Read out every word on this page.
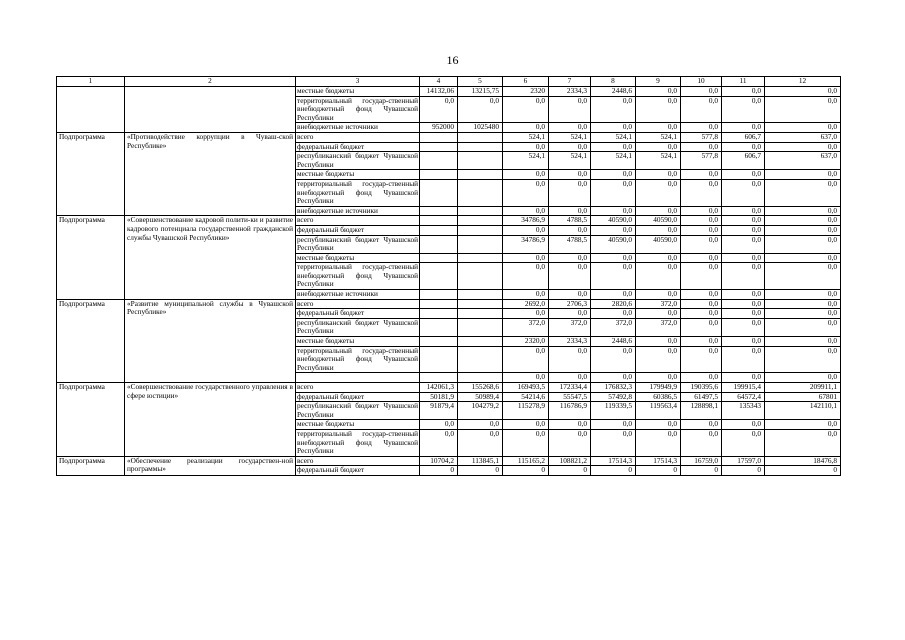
16
1	2	3	4	5	6	7	8	9	10	11	12
		местные бюджеты	14132,06	13215,75	2320	2334,3	2448,6	0,0	0,0	0,0	0,0
		территориальный государ-ственный внебюджетный фонд Чувашской Республики	0,0	0,0	0,0	0,0	0,0	0,0	0,0	0,0	0,0
		внебюджетные источники	952000	1025480	0,0	0,0	0,0	0,0	0,0	0,0	0,0
Подпрограмма	«Противодействие коррупции в Чуваш-ской Республике»	всего			524,1	524,1	524,1	524,1	577,8	606,7	637,0
		федеральный бюджет			0,0	0,0	0,0	0,0	0,0	0,0	0,0
		республиканский бюджет Чувашской Республики			524,1	524,1	524,1	524,1	577,8	606,7	637,0
		местные бюджеты			0,0	0,0	0,0	0,0	0,0	0,0	0,0
		территориальный государ-ственный внебюджетный фонд Чувашской Республики			0,0	0,0	0,0	0,0	0,0	0,0	0,0
		внебюджетные источники			0,0	0,0	0,0	0,0	0,0	0,0	0,0
Подпрограмма	«Совершенствование кадровой полити-ки и развитие кадрового потенциала государственной гражданской службы Чувашской Республики»	всего			34786,9	4788,5	40590,0	40590,0	0,0	0,0	0,0
		федеральный бюджет			0,0	0,0	0,0	0,0	0,0	0,0	0,0
		республиканский бюджет Чувашской Республики			34786,9	4788,5	40590,0	40590,0	0,0	0,0	0,0
		местные бюджеты			0,0	0,0	0,0	0,0	0,0	0,0	0,0
		территориальный государ-ственный внебюджетный фонд Чувашской Республики			0,0	0,0	0,0	0,0	0,0	0,0	0,0
		внебюджетные источники			0,0	0,0	0,0	0,0	0,0	0,0	0,0
Подпрограмма	«Развитие муниципальной службы в Чувашской Республике»	всего			2692,0	2706,3	2820,6	372,0	0,0	0,0	0,0
		федеральный бюджет			0,0	0,0	0,0	0,0	0,0	0,0	0,0
		республиканский бюджет Чувашской Республики			372,0	372,0	372,0	372,0	0,0	0,0	0,0
		местные бюджеты			2320,0	2334,3	2448,6	0,0	0,0	0,0	0,0
		территориальный государ-ственный внебюджетный фонд Чувашской Республики			0,0	0,0	0,0	0,0	0,0	0,0	0,0
					0,0	0,0	0,0	0,0	0,0	0,0	0,0
Подпрограмма	«Совершенствование государственного управления в сфере юстиции»	всего	142061,3	155268,6	169493,5	172334,4	176832,3	179949,9	190395,6	199915,4	209911,1
		федеральный бюджет	50181,9	50989,4	54214,6	55547,5	57492,8	60386,5	61497,5	64572,4	67801
		республиканский бюджет Чувашской Республики	91879,4	104279,2	115278,9	116786,9	119339,5	119563,4	128898,1	135343	142110,1
		местные бюджеты	0,0	0,0	0,0	0,0	0,0	0,0	0,0	0,0	0,0
		территориальный государ-ственный внебюджетный фонд Чувашской Республики	0,0	0,0	0,0	0,0	0,0	0,0	0,0	0,0	0,0
Подпрограмма	«Обеспечение реализации государствен-ной программы»	всего	10704,2	113845,1	115165,2	108821,2	17514,3	17514,3	16759,0	17597,0	18476,8
		федеральный бюджет	0	0	0	0	0	0	0	0	0
